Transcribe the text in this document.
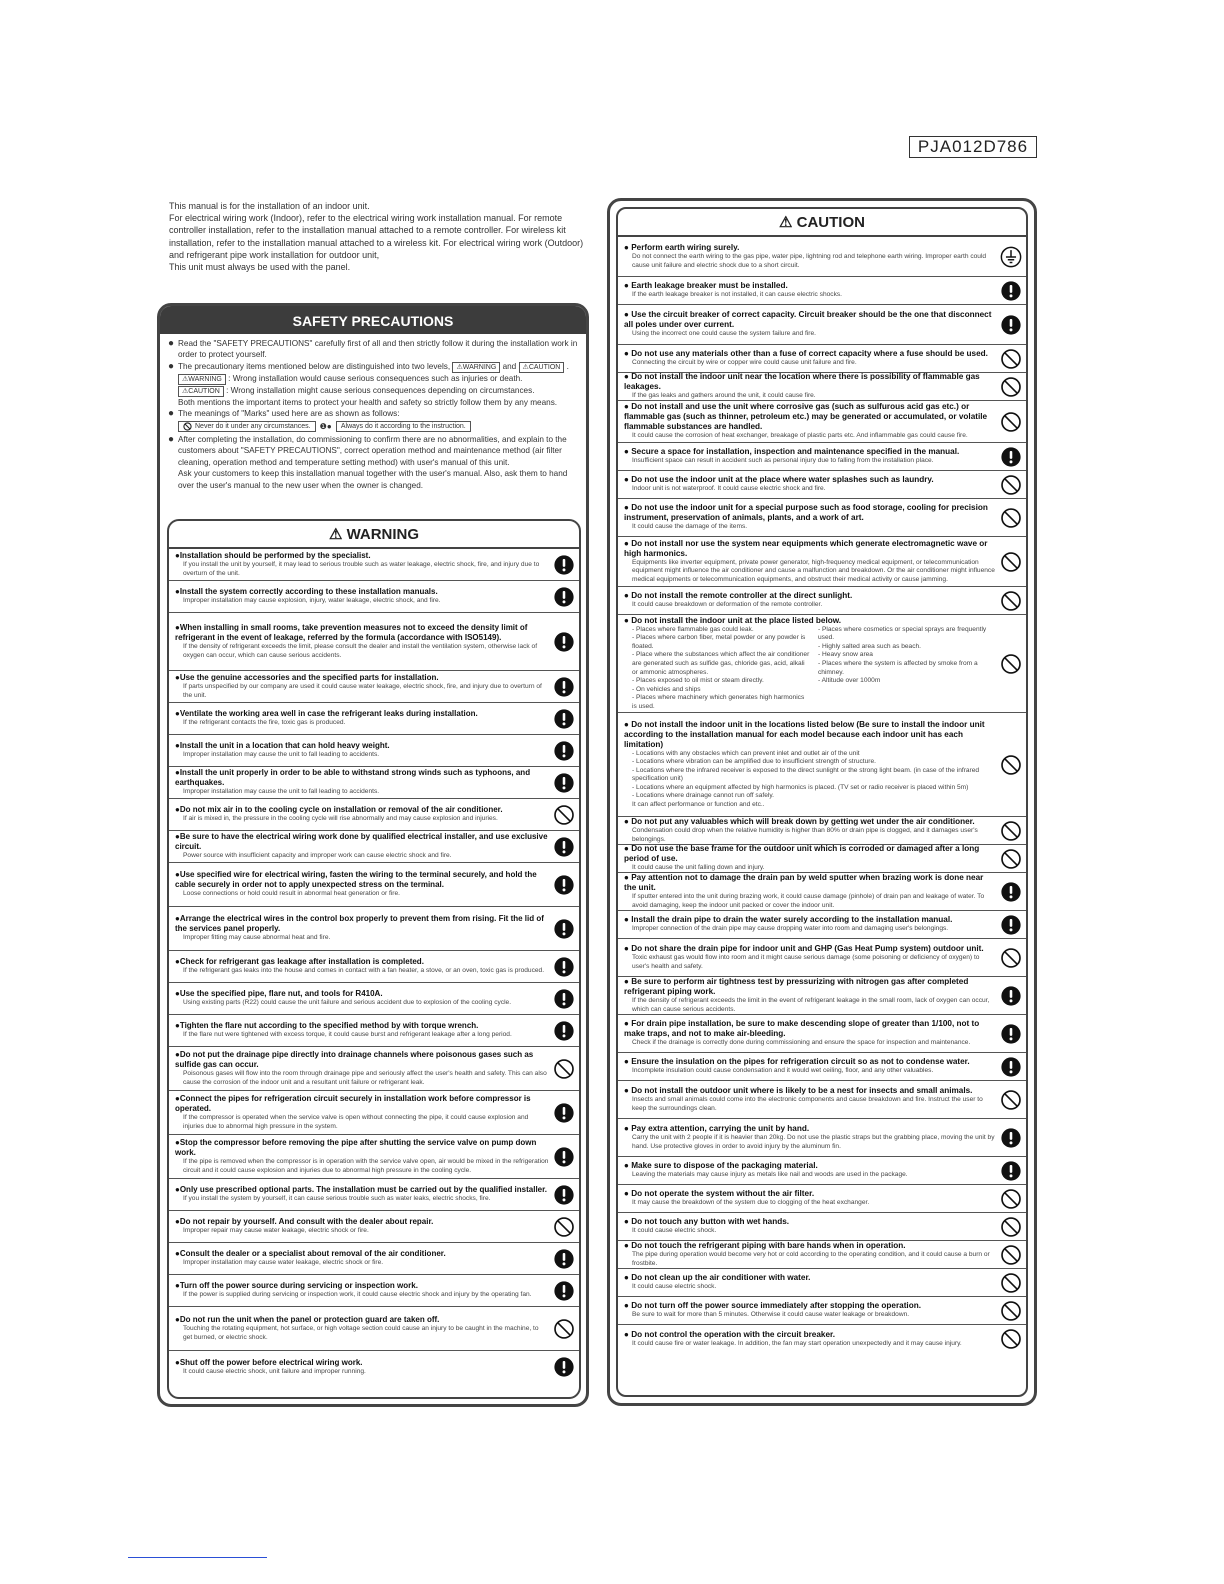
PJA012D786

This manual is for the installation of an indoor unit.

For electrical wiring work (Indoor), refer to the electrical wiring work installation manual. For remote controller installation, refer to the installation manual attached to a remote controller. For wireless kit installation, refer to the installation manual attached to a wireless kit. For electrical wiring work (Outdoor) and refrigerant pipe work installation for outdoor unit,

This unit must always be used with the panel.

SAFETY PRECAUTIONS
● Read the "SAFETY PRECAUTIONS" carefully first of all and then strictly follow it during the installation work in order to protect yourself.
● The precautionary items mentioned below are distinguished into two levels, ⚠WARNING and ⚠CAUTION .
⚠WARNING : Wrong installation would cause serious consequences such as injuries or death.
⚠CAUTION : Wrong installation might cause serious consequences depending on circumstances.
Both mentions the important items to protect your health and safety so strictly follow them by any means.
● The meanings of "Marks" used here are as shown as follows:
Never do it under any circumstances. ❶● Always do it according to the instruction.
● After completing the installation, do commissioning to confirm there are no abnormalities, and explain to the customers about "SAFETY PRECAUTIONS", correct operation method and maintenance method (air filter cleaning, operation method and temperature setting method) with user's manual of this unit.
Ask your customers to keep this installation manual together with the user's manual. Also, ask them to hand over the user's manual to the new user when the owner is changed.
⚠ WARNING
●Installation should be performed by the specialist.
If you install the unit by yourself, it may lead to serious trouble such as water leakage, electric shock, fire, and injury due to overturn of the unit.
●Install the system correctly according to these installation manuals.
Improper installation may cause explosion, injury, water leakage, electric shock, and fire.
●When installing in small rooms, take prevention measures not to exceed the density limit of refrigerant in the event of leakage, referred by the formula (accordance with ISO5149).
If the density of refrigerant exceeds the limit, please consult the dealer and install the ventilation system, otherwise lack of oxygen can occur, which can cause serious accidents.
●Use the genuine accessories and the specified parts for installation.
If parts unspecified by our company are used it could cause water leakage, electric shock, fire, and injury due to overturn of the unit.
●Ventilate the working area well in case the refrigerant leaks during installation.
If the refrigerant contacts the fire, toxic gas is produced.
●Install the unit in a location that can hold heavy weight.
Improper installation may cause the unit to fall leading to accidents.
●Install the unit properly in order to be able to withstand strong winds such as typhoons, and earthquakes.
Improper installation may cause the unit to fall leading to accidents.
●Do not mix air in to the cooling cycle on installation or removal of the air conditioner.
If air is mixed in, the pressure in the cooling cycle will rise abnormally and may cause explosion and injuries.
●Be sure to have the electrical wiring work done by qualified electrical installer, and use exclusive circuit.
Power source with insufficient capacity and improper work can cause electric shock and fire.
●Use specified wire for electrical wiring, fasten the wiring to the terminal securely, and hold the cable securely in order not to apply unexpected stress on the terminal.
Loose connections or hold could result in abnormal heat generation or fire.
●Arrange the electrical wires in the control box properly to prevent them from rising. Fit the lid of the services panel properly.
Improper fitting may cause abnormal heat and fire.
●Check for refrigerant gas leakage after installation is completed.
If the refrigerant gas leaks into the house and comes in contact with a fan heater, a stove, or an oven, toxic gas is produced.
●Use the specified pipe, flare nut, and tools for R410A.
Using existing parts (R22) could cause the unit failure and serious accident due to explosion of the cooling cycle.
●Tighten the flare nut according to the specified method by with torque wrench.
If the flare nut were tightened with excess torque, it could cause burst and refrigerant leakage after a long period.
●Do not put the drainage pipe directly into drainage channels where poisonous gases such as sulfide gas can occur.
Poisonous gases will flow into the room through drainage pipe and seriously affect the user's health and safety. This can also cause the corrosion of the indoor unit and a resultant unit failure or refrigerant leak.
●Connect the pipes for refrigeration circuit securely in installation work before compressor is operated.
If the compressor is operated when the service valve is open without connecting the pipe, it could cause explosion and injuries due to abnormal high pressure in the system.
●Stop the compressor before removing the pipe after shutting the service valve on pump down work.
If the pipe is removed when the compressor is in operation with the service valve open, air would be mixed in the refrigeration circuit and it could cause explosion and injuries due to abnormal high pressure in the cooling cycle.
●Only use prescribed optional parts. The installation must be carried out by the qualified installer.
If you install the system by yourself, it can cause serious trouble such as water leaks, electric shocks, fire.
●Do not repair by yourself. And consult with the dealer about repair.
Improper repair may cause water leakage, electric shock or fire.
●Consult the dealer or a specialist about removal of the air conditioner.
Improper installation may cause water leakage, electric shock or fire.
●Turn off the power source during servicing or inspection work.
If the power is supplied during servicing or inspection work, it could cause electric shock and injury by the operating fan.
●Do not run the unit when the panel or protection guard are taken off.
Touching the rotating equipment, hot surface, or high voltage section could cause an injury to be caught in the machine, to get burned, or electric shock.
●Shut off the power before electrical wiring work.
It could cause electric shock, unit failure and improper running.
⚠ CAUTION
● Perform earth wiring surely.
Do not connect the earth wiring to the gas pipe, water pipe, lightning rod and telephone earth wiring. Improper earth could cause unit failure and electric shock due to a short circuit.
● Earth leakage breaker must be installed.
If the earth leakage breaker is not installed, it can cause electric shocks.
● Use the circuit breaker of correct capacity. Circuit breaker should be the one that disconnect all poles under over current.
Using the incorrect one could cause the system failure and fire.
● Do not use any materials other than a fuse of correct capacity where a fuse should be used.
Connecting the circuit by wire or copper wire could cause unit failure and fire.
● Do not install the indoor unit near the location where there is possibility of flammable gas leakages.
If the gas leaks and gathers around the unit, it could cause fire.
● Do not install and use the unit where corrosive gas (such as sulfurous acid gas etc.) or flammable gas (such as thinner, petroleum etc.) may be generated or accumulated, or volatile flammable substances are handled.
It could cause the corrosion of heat exchanger, breakage of plastic parts etc. And inflammable gas could cause fire.
● Secure a space for installation, inspection and maintenance specified in the manual.
Insufficient space can result in accident such as personal injury due to falling from the installation place.
● Do not use the indoor unit at the place where water splashes such as laundry.
Indoor unit is not waterproof. It could cause electric shock and fire.
● Do not use the indoor unit for a special purpose such as food storage, cooling for precision instrument, preservation of animals, plants, and a work of art.
It could cause the damage of the items.
● Do not install nor use the system near equipments which generate electromagnetic wave or high harmonics.
Equipments like inverter equipment, private power generator, high-frequency medical equipment, or telecommunication equipment might influence the air conditioner and cause a malfunction and breakdown. Or the air conditioner might influence medical equipments or telecommunication equipments, and obstruct their medical activity or cause jamming.
● Do not install the remote controller at the direct sunlight.
It could cause breakdown or deformation of the remote controller.
● Do not install the indoor unit at the place listed below.
- Places where flammable gas could leak.
- Places where carbon fiber, metal powder or any powder is floated.
- Place where the substances which affect the air conditioner are generated such as sulfide gas, chloride gas, acid, alkali or ammonic atmospheres.
- Places exposed to oil mist or steam directly.
- On vehicles and ships
- Places where machinery which generates high harmonics is used.
- Places where cosmetics or special sprays are frequently used.
- Highly salted area such as beach.
- Heavy snow area
- Places where the system is affected by smoke from a chimney.
- Altitude over 1000m
● Do not install the indoor unit in the locations listed below (Be sure to install the indoor unit according to the installation manual for each model because each indoor unit has each limitation)
- Locations with any obstacles which can prevent inlet and outlet air of the unit
- Locations where vibration can be amplified due to insufficient strength of structure.
- Locations where the infrared receiver is exposed to the direct sunlight or the strong light beam. (in case of the infrared specification unit)
- Locations where an equipment affected by high harmonics is placed. (TV set or radio receiver is placed within 5m)
- Locations where drainage cannot run off safely.
It can affect performance or function and etc..
● Do not put any valuables which will break down by getting wet under the air conditioner.
Condensation could drop when the relative humidity is higher than 80% or drain pipe is clogged, and it damages user's belongings.
● Do not use the base frame for the outdoor unit which is corroded or damaged after a long period of use.
It could cause the unit falling down and injury.
● Pay attention not to damage the drain pan by weld sputter when brazing work is done near the unit.
If sputter entered into the unit during brazing work, it could cause damage (pinhole) of drain pan and leakage of water. To avoid damaging, keep the indoor unit packed or cover the indoor unit.
● Install the drain pipe to drain the water surely according to the installation manual.
Improper connection of the drain pipe may cause dropping water into room and damaging user's belongings.
● Do not share the drain pipe for indoor unit and GHP (Gas Heat Pump system) outdoor unit.
Toxic exhaust gas would flow into room and it might cause serious damage (some poisoning or deficiency of oxygen) to user's health and safety.
● Be sure to perform air tightness test by pressurizing with nitrogen gas after completed refrigerant piping work.
If the density of refrigerant exceeds the limit in the event of refrigerant leakage in the small room, lack of oxygen can occur, which can cause serious accidents.
● For drain pipe installation, be sure to make descending slope of greater than 1/100, not to make traps, and not to make air-bleeding.
Check if the drainage is correctly done during commissioning and ensure the space for inspection and maintenance.
● Ensure the insulation on the pipes for refrigeration circuit so as not to condense water.
Incomplete insulation could cause condensation and it would wet ceiling, floor, and any other valuables.
● Do not install the outdoor unit where is likely to be a nest for insects and small animals.
Insects and small animals could come into the electronic components and cause breakdown and fire. Instruct the user to keep the surroundings clean.
● Pay extra attention, carrying the unit by hand.
Carry the unit with 2 people if it is heavier than 20kg. Do not use the plastic straps but the grabbing place, moving the unit by hand. Use protective gloves in order to avoid injury by the aluminum fin.
● Make sure to dispose of the packaging material.
Leaving the materials may cause injury as metals like nail and woods are used in the package.
● Do not operate the system without the air filter.
It may cause the breakdown of the system due to clogging of the heat exchanger.
● Do not touch any button with wet hands.
It could cause electric shock.
● Do not touch the refrigerant piping with bare hands when in operation.
The pipe during operation would become very hot or cold according to the operating condition, and it could cause a burn or frostbite.
● Do not clean up the air conditioner with water.
It could cause electric shock.
● Do not turn off the power source immediately after stopping the operation.
Be sure to wait for more than 5 minutes. Otherwise it could cause water leakage or breakdown.
● Do not control the operation with the circuit breaker.
It could cause fire or water leakage. In addition, the fan may start operation unexpectedly and it may cause injury.
